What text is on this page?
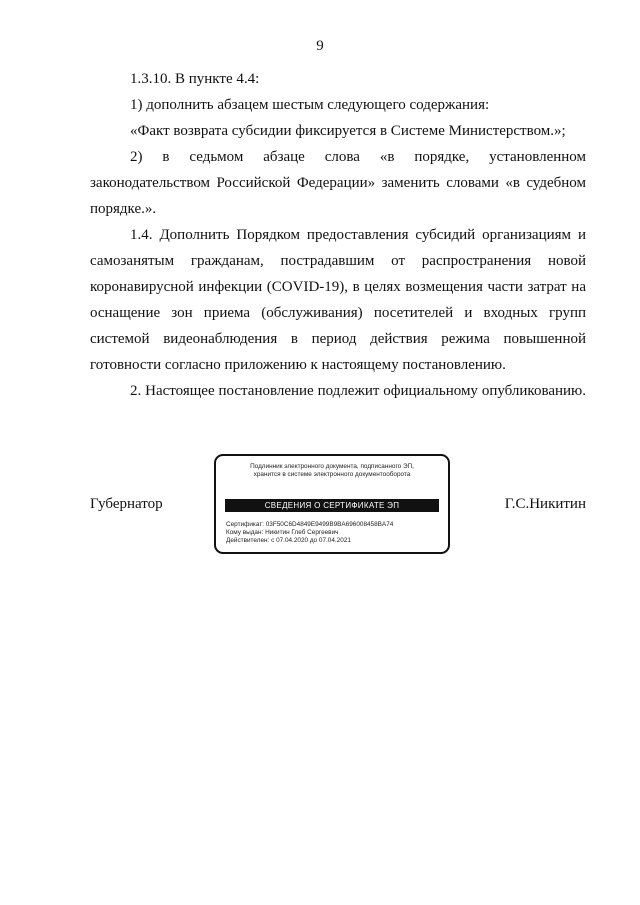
9

1.3.10. В пункте 4.4:

1) дополнить абзацем шестым следующего содержания:

«Факт возврата субсидии фиксируется в Системе Министерством.»;

2) в седьмом абзаце слова «в порядке, установленном законодательством Российской Федерации» заменить словами «в судебном порядке.».

1.4. Дополнить Порядком предоставления субсидий организациям и самозанятым гражданам, пострадавшим от распространения новой коронавирусной инфекции (COVID-19), в целях возмещения части затрат на оснащение зон приема (обслуживания) посетителей и входных групп системой видеонаблюдения в период действия режима повышенной готовности согласно приложению к настоящему постановлению.

2. Настоящее постановление подлежит официальному опубликованию.

Губернатор
Подлинник электронного документа, подписанного ЭП,
хранится в системе электронного документооборота
СВЕДЕНИЯ О СЕРТИФИКАТЕ ЭП
Сертификат: 03F50C6D4849E9499B9BA696008458BA74
Кому выдан: Никитин Глеб Сергеевич
Действителен: с 07.04.2020 до 07.04.2021
Г.С.Никитин
